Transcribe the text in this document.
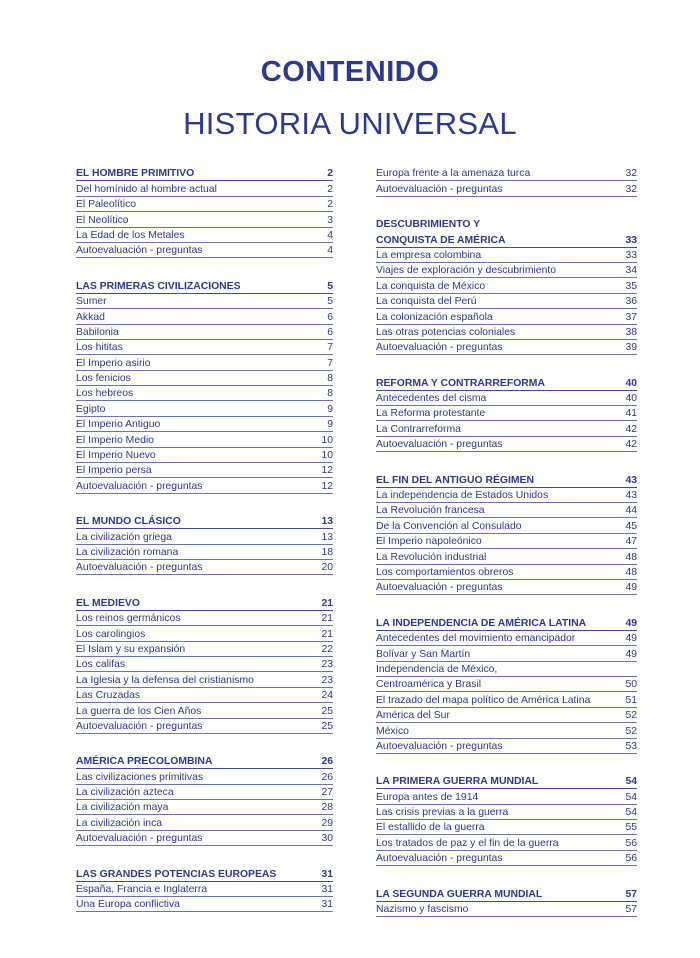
CONTENIDO
HISTORIA UNIVERSAL
EL HOMBRE PRIMITIVO	2
Del homínido al hombre actual	2
El Paleolítico	2
El Neolítico	3
La Edad de los Metales	4
Autoevaluación - preguntas	4
LAS PRIMERAS CIVILIZACIONES	5
Sumer	5
Akkad	6
Babilonia	6
Los hititas	7
El Imperio asirio	7
Los fenicios	8
Los hebreos	8
Egipto	9
El Imperio Antiguo	9
El Imperio Medio	10
El Imperio Nuevo	10
El Imperio persa	12
Autoevaluación - preguntas	12
EL MUNDO CLÁSICO	13
La civilización griega	13
La civilización romana	18
Autoevaluación - preguntas	20
EL MEDIEVO	21
Los reinos germánicos	21
Los carolingios	21
El Islam y su expansión	22
Los califas	23
La Iglesia y la defensa del cristianismo	23
Las Cruzadas	24
La guerra de los Cien Años	25
Autoevaluación - preguntas	25
AMÉRICA PRECOLOMBINA	26
Las civilizaciones primitivas	26
La civilización azteca	27
La civilización maya	28
La civilización inca	29
Autoevaluación - preguntas	30
LAS GRANDES POTENCIAS EUROPEAS	31
España, Francia e Inglaterra	31
Una Europa conflictiva	31
Europa frente a la amenaza turca	32
Autoevaluación - preguntas	32
DESCUBRIMIENTO Y
CONQUISTA DE AMÉRICA	33
La empresa colombina	33
Viajes de exploración y descubrimiento	34
La conquista de México	35
La conquista del Perú	36
La colonización española	37
Las otras potencias coloniales	38
Autoevaluación - preguntas	39
REFORMA Y CONTRARREFORMA	40
Antecedentes del cisma	40
La Reforma protestante	41
La Contrarreforma	42
Autoevaluación - preguntas	42
EL FIN DEL ANTIGUO RÉGIMEN	43
La independencia de Estados Unidos	43
La Revolución francesa	44
De la Convención al Consulado	45
El Imperio napoleónico	47
La Revolución industrial	48
Los comportamientos obreros	48
Autoevaluación - preguntas	49
LA INDEPENDENCIA DE AMÉRICA LATINA	49
Antecedentes del movimiento emancipador	49
Bolívar y San Martín	49
Independencia de México,
Centroamérica y Brasil	50
El trazado del mapa político de América Latina	51
América del Sur	52
México	52
Autoevaluación - preguntas	53
LA PRIMERA GUERRA MUNDIAL	54
Europa antes de 1914	54
Las crisis previas a la guerra	54
El estallido de la guerra	55
Los tratados de paz y el fin de la guerra	56
Autoevaluación - preguntas	56
LA SEGUNDA GUERRA MUNDIAL	57
Nazismo y fascismo	57
